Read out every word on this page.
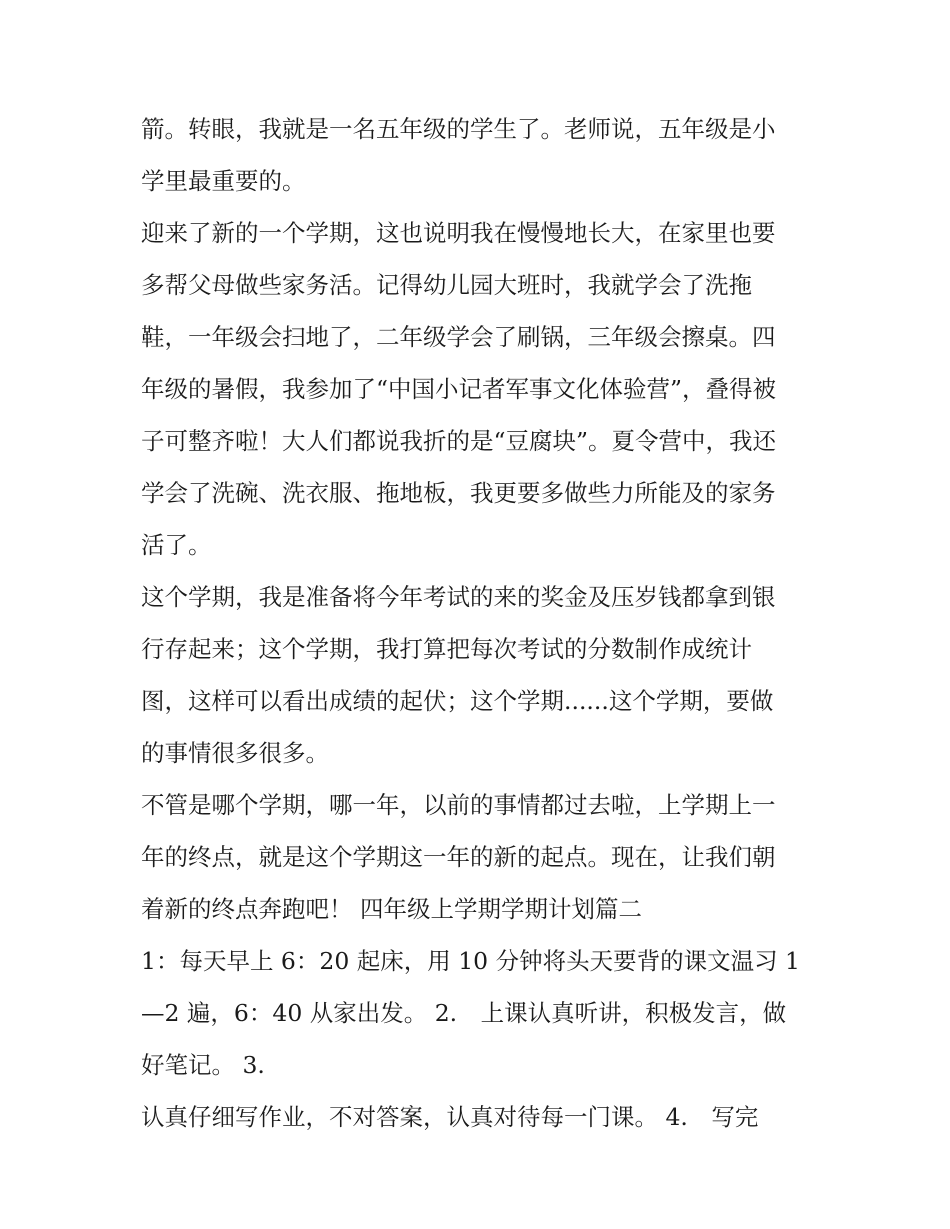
箭。转眼，我就是一名五年级的学生了。老师说，五年级是小
学里最重要的。
迎来了新的一个学期，这也说明我在慢慢地长大，在家里也要
多帮父母做些家务活。记得幼儿园大班时，我就学会了洗拖
鞋，一年级会扫地了，二年级学会了刷锅，三年级会擦桌。四
年级的暑假，我参加了“中国小记者军事文化体验营”，叠得被
子可整齐啦！大人们都说我折的是“豆腐块”。夏令营中，我还
学会了洗碗、洗衣服、拖地板，我更要多做些力所能及的家务
活了。
这个学期，我是准备将今年考试的来的奖金及压岁钱都拿到银
行存起来；这个学期，我打算把每次考试的分数制作成统计
图，这样可以看出成绩的起伏；这个学期......这个学期，要做
的事情很多很多。
不管是哪个学期，哪一年，以前的事情都过去啦，上学期上一
年的终点，就是这个学期这一年的新的起点。现在，让我们朝
着新的终点奔跑吧！ 四年级上学期学期计划篇二
1：每天早上 6：20 起床，用 10 分钟将头天要背的课文温习 1
—2 遍，6：40 从家出发。 2.　上课认真听讲，积极发言，做
好笔记。 3.
认真仔细写作业，不对答案，认真对待每一门课。 4.　写完
